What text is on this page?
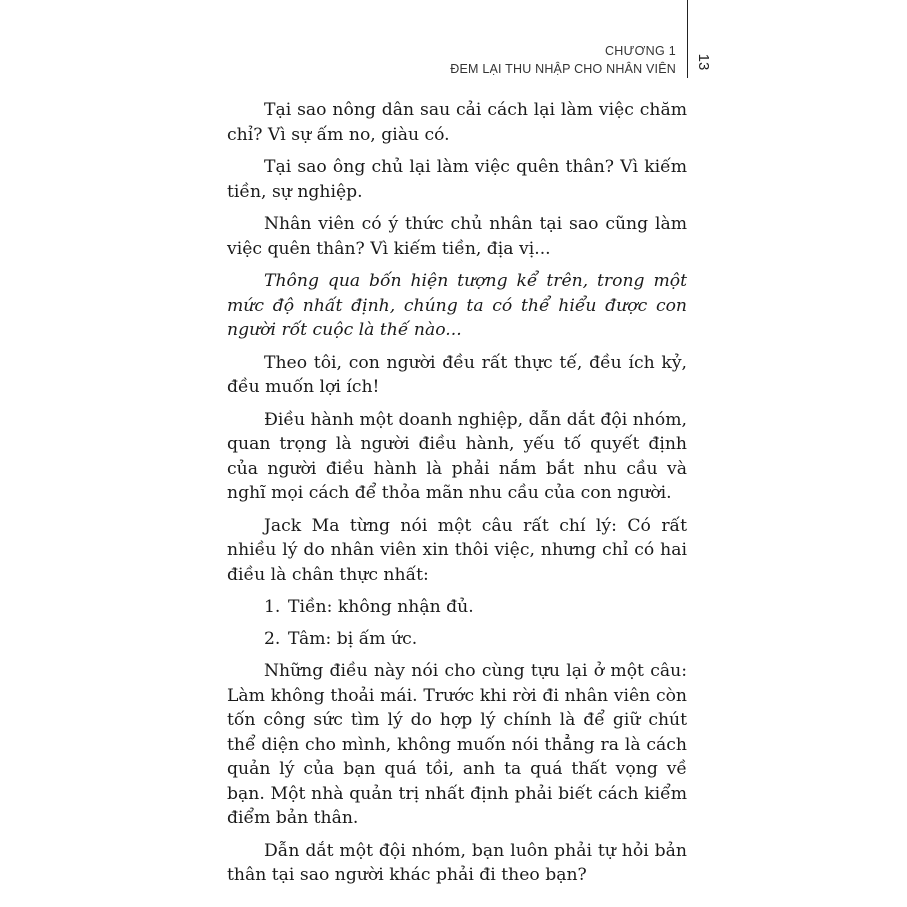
CHƯƠNG 1
ĐEM LẠI THU NHẬP CHO NHÂN VIÊN 13

Tại sao nông dân sau cải cách lại làm việc chăm chỉ? Vì sự ấm no, giàu có.

Tại sao ông chủ lại làm việc quên thân? Vì kiếm tiền, sự nghiệp.

Nhân viên có ý thức chủ nhân tại sao cũng làm việc quên thân? Vì kiếm tiền, địa vị...

Thông qua bốn hiện tượng kể trên, trong một mức độ nhất định, chúng ta có thể hiểu được con người rốt cuộc là thế nào...

Theo tôi, con người đều rất thực tế, đều ích kỷ, đều muốn lợi ích!

Điều hành một doanh nghiệp, dẫn dắt đội nhóm, quan trọng là người điều hành, yếu tố quyết định của người điều hành là phải nắm bắt nhu cầu và nghĩ mọi cách để thỏa mãn nhu cầu của con người.

Jack Ma từng nói một câu rất chí lý: Có rất nhiều lý do nhân viên xin thôi việc, nhưng chỉ có hai điều là chân thực nhất:

1. Tiền: không nhận đủ.
2. Tâm: bị ấm ức.

Những điều này nói cho cùng tựu lại ở một câu: Làm không thoải mái. Trước khi rời đi nhân viên còn tốn công sức tìm lý do hợp lý chính là để giữ chút thể diện cho mình, không muốn nói thẳng ra là cách quản lý của bạn quá tồi, anh ta quá thất vọng về bạn. Một nhà quản trị nhất định phải biết cách kiểm điểm bản thân.

Dẫn dắt một đội nhóm, bạn luôn phải tự hỏi bản thân tại sao người khác phải đi theo bạn?
